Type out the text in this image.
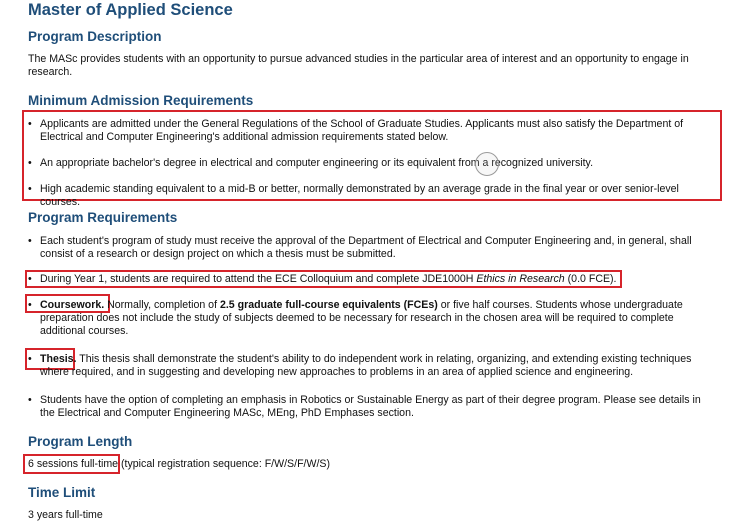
Master of Applied Science
Program Description

The MASc provides students with an opportunity to pursue advanced studies in the particular area of interest and an opportunity to engage in research.

Minimum Admission Requirements
• Applicants are admitted under the General Regulations of the School of Graduate Studies. Applicants must also satisfy the Department of Electrical and Computer Engineering's additional admission requirements stated below.
• An appropriate bachelor's degree in electrical and computer engineering or its equivalent from a recognized university.
• High academic standing equivalent to a mid-B or better, normally demonstrated by an average grade in the final year or over senior-level courses.
Program Requirements
• Each student's program of study must receive the approval of the Department of Electrical and Computer Engineering and, in general, shall consist of a research or design project on which a thesis must be submitted.
• During Year 1, students are required to attend the ECE Colloquium and complete JDE1000H Ethics in Research (0.0 FCE).
• Coursework. Normally, completion of 2.5 graduate full-course equivalents (FCEs) or five half courses. Students whose undergraduate preparation does not include the study of subjects deemed to be necessary for research in the chosen area will be required to complete additional courses.
• Thesis. This thesis shall demonstrate the student's ability to do independent work in relating, organizing, and extending existing techniques where required, and in suggesting and developing new approaches to problems in an area of applied science and engineering.
• Students have the option of completing an emphasis in Robotics or Sustainable Energy as part of their degree program. Please see details in the Electrical and Computer Engineering MASc, MEng, PhD Emphases section.
Program Length

6 sessions full-time (typical registration sequence: F/W/S/F/W/S)

Time Limit

3 years full-time
